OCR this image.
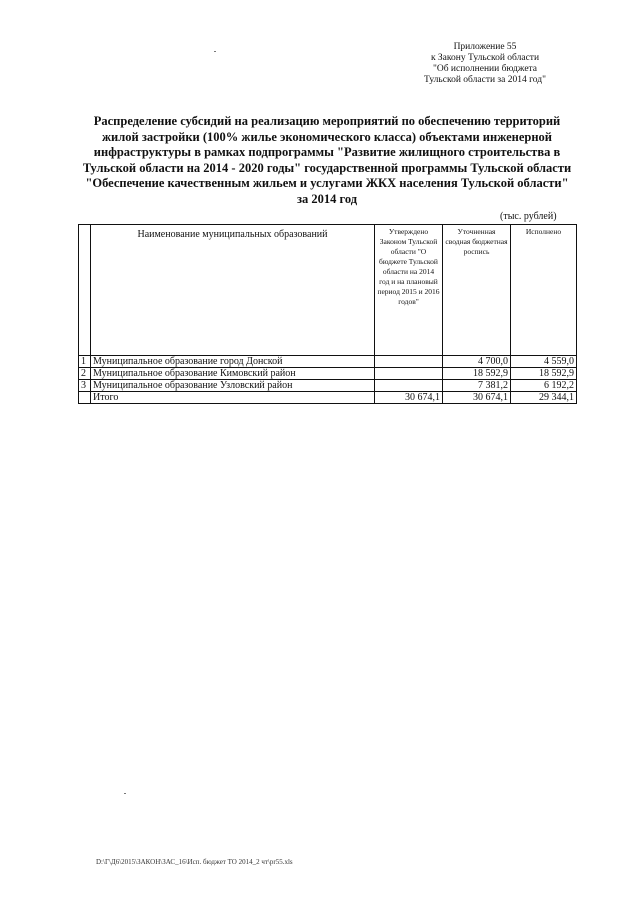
Приложение 55
к Закону Тульской области
"Об исполнении бюджета
Тульской области за 2014 год"
Распределение субсидий на реализацию мероприятий по обеспечению территорий жилой застройки (100% жилье экономического класса) объектами инженерной инфраструктуры в рамках подпрограммы "Развитие жилищного строительства в Тульской области на 2014 - 2020 годы" государственной программы Тульской области "Обеспечение качественным жильем и услугами ЖКХ населения Тульской области" за 2014 год
(тыс. рублей)
	Наименование муниципальных образований	Утверждено Законом Тульской области "О бюджете Тульской области на 2014 год и на плановый период 2015 и 2016 годов"	Уточненная сводная бюджетная роспись	Исполнено
1	Муниципальное образование город Донской		4 700,0	4 559,0
2	Муниципальное образование Кимовский район		18 592,9	18 592,9
3	Муниципальное образование Узловский район		7 381,2	6 192,2
	Итого	30 674,1	30 674,1	29 344,1
D:\Г\Д6\2015\ЗАКОН\ЗАС_16\Исп. бюджет ТО 2014_2 чт\pr55.xls
